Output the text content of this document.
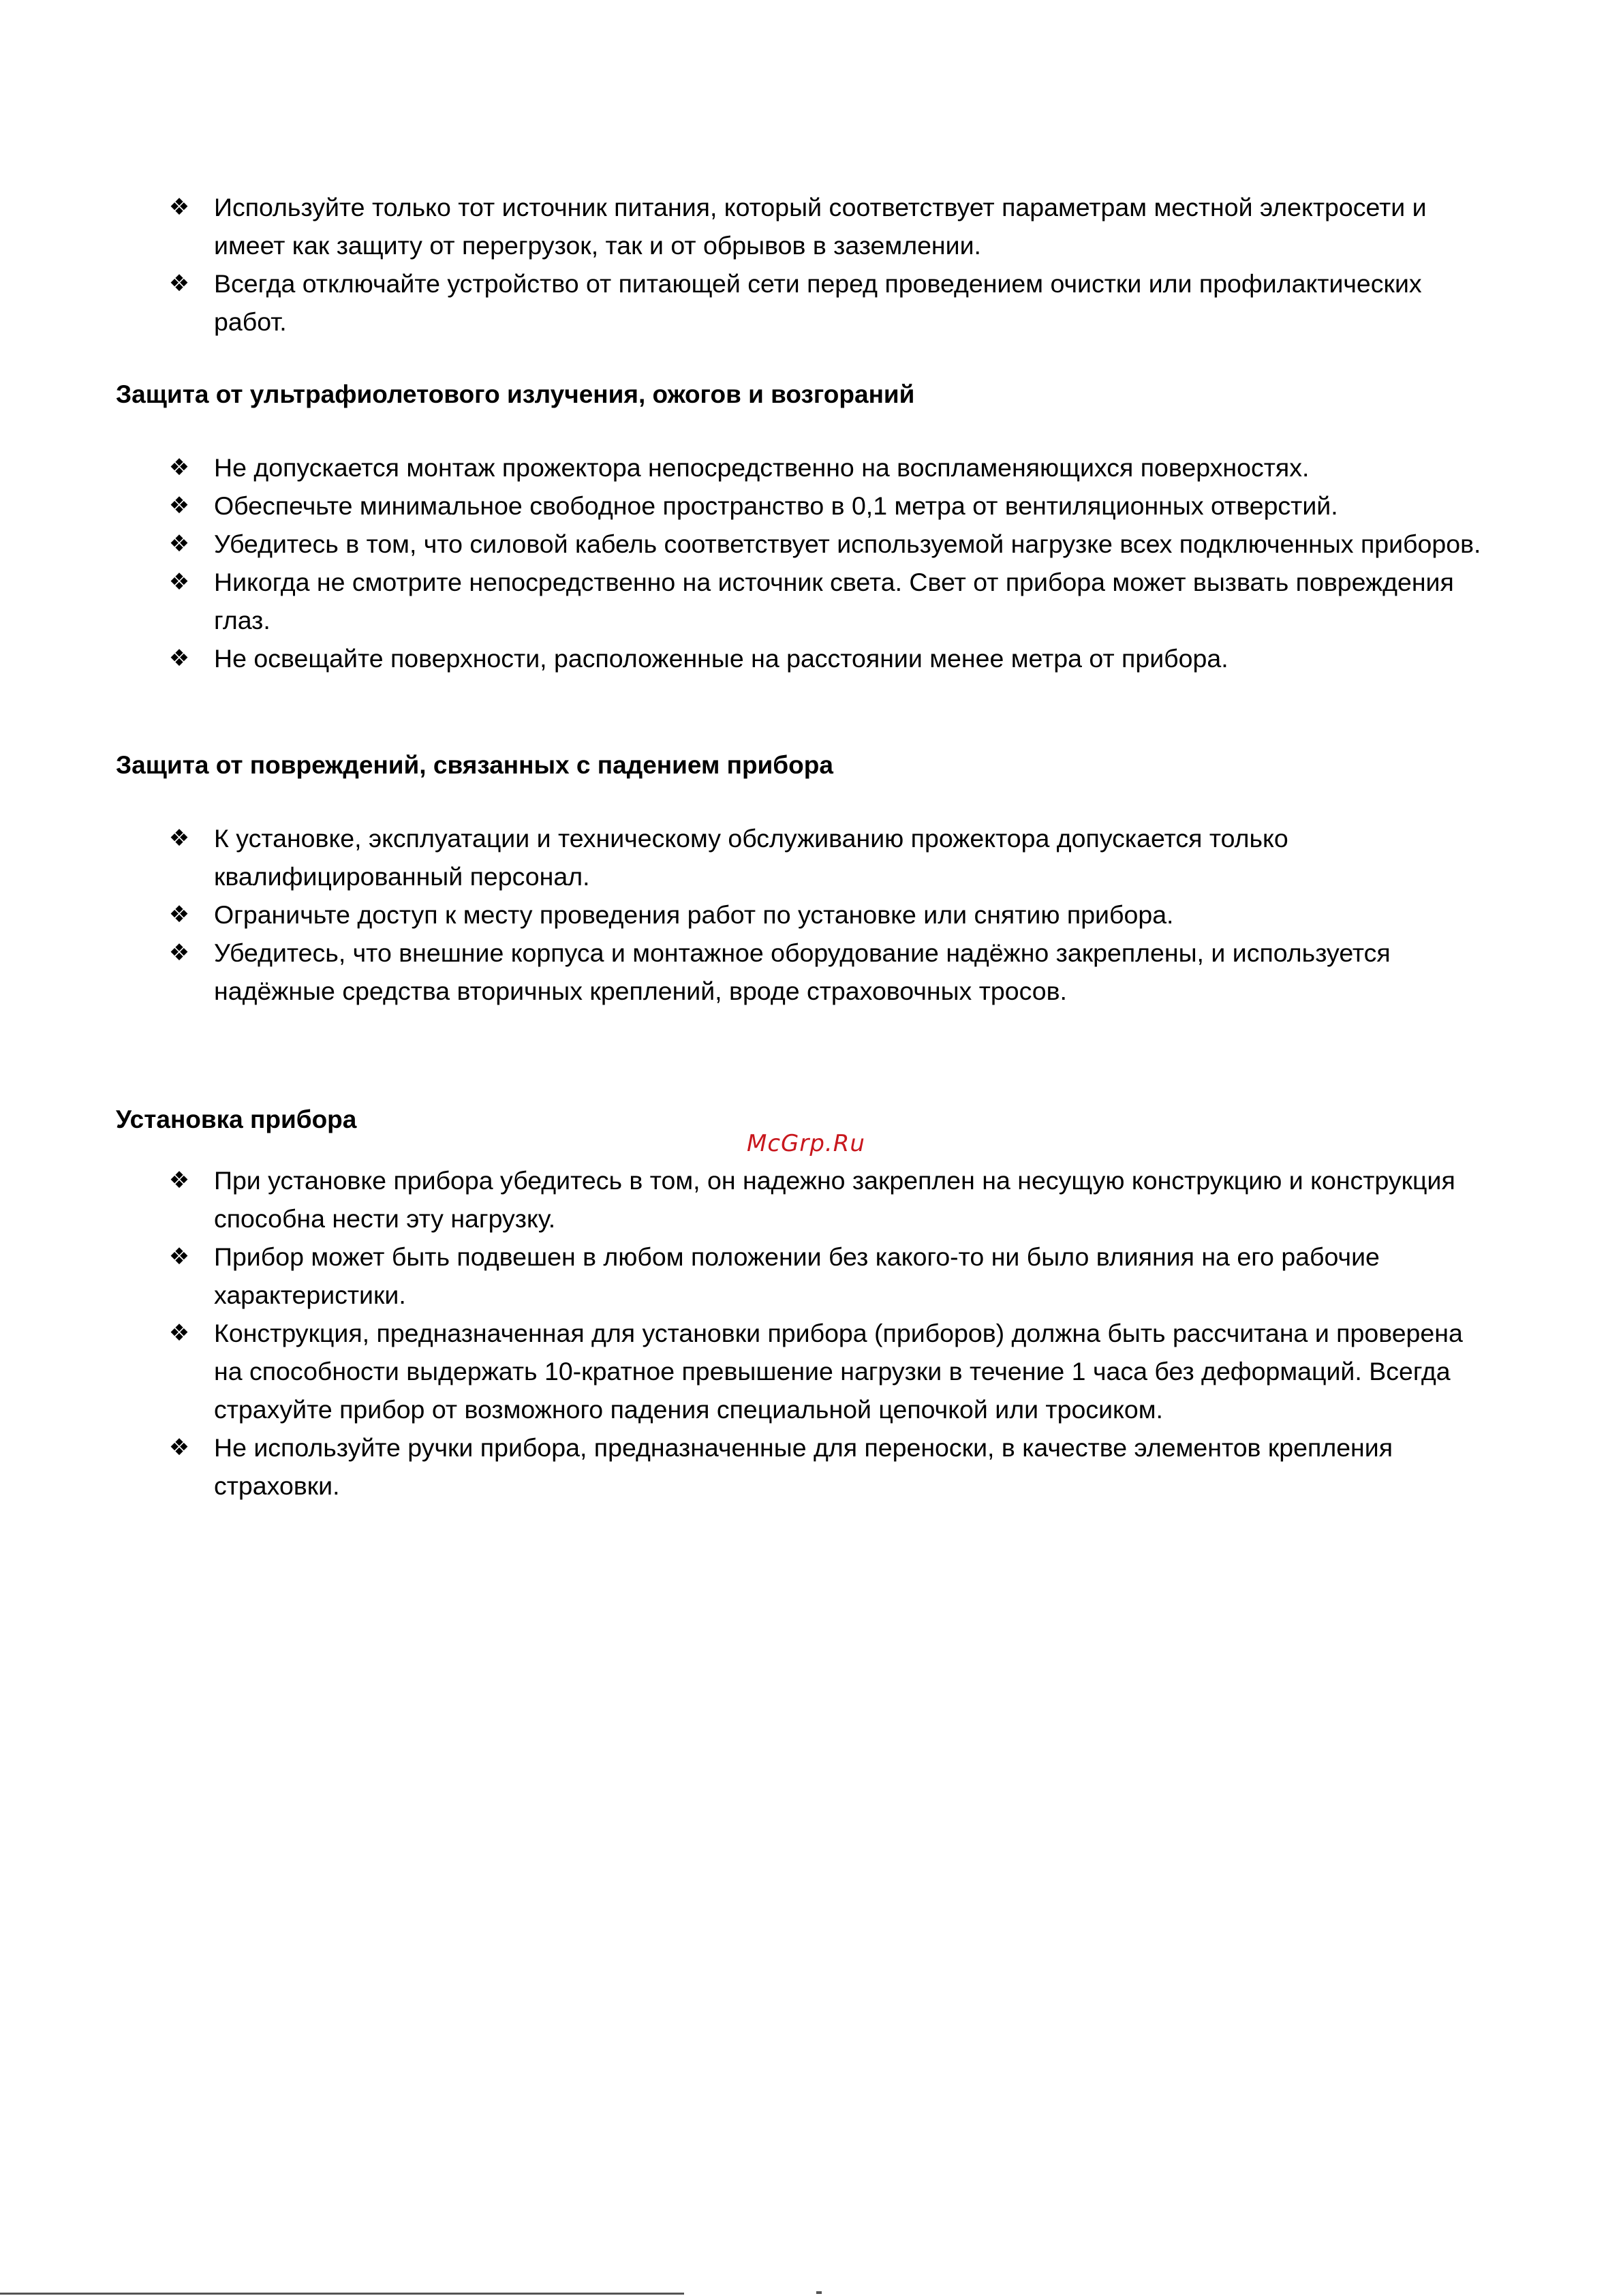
❖ Используйте только тот источник питания, который соответствует параметрам местной электросети и имеет как защиту от перегрузок, так и от обрывов в заземлении.
❖ Всегда отключайте устройство от питающей сети перед проведением очистки или профилактических работ.
Защита от ультрафиолетового излучения, ожогов и возгораний
❖ Не допускается монтаж прожектора непосредственно на воспламеняющихся поверхностях.
❖ Обеспечьте минимальное свободное пространство в 0,1 метра от вентиляционных отверстий.
❖ Убедитесь в том, что силовой кабель соответствует используемой нагрузке всех подключенных приборов.
❖ Никогда не смотрите непосредственно на источник света. Свет от прибора может вызвать повреждения глаз.
❖ Не освещайте поверхности, расположенные на расстоянии менее метра от прибора.
Защита от повреждений, связанных с падением прибора
❖ К установке, эксплуатации и техническому обслуживанию прожектора допускается только квалифицированный персонал.
❖ Ограничьте доступ к месту проведения работ по установке или снятию прибора.
❖ Убедитесь, что внешние корпуса и монтажное оборудование надёжно закреплены, и используется надёжные средства вторичных креплений, вроде страховочных тросов.
Установка прибора
McGrp.Ru
❖ При установке прибора убедитесь в том, он надежно закреплен на несущую конструкцию и конструкция способна нести эту нагрузку.
❖ Прибор может быть подвешен в любом положении без какого-то ни было влияния на его рабочие характеристики.
❖ Конструкция, предназначенная для установки прибора (приборов) должна быть рассчитана и проверена на способности выдержать 10-кратное превышение нагрузки в течение 1 часа без деформаций. Всегда страхуйте прибор от возможного падения специальной цепочкой или тросиком.
❖ Не используйте ручки прибора, предназначенные для переноски, в качестве элементов крепления страховки.
